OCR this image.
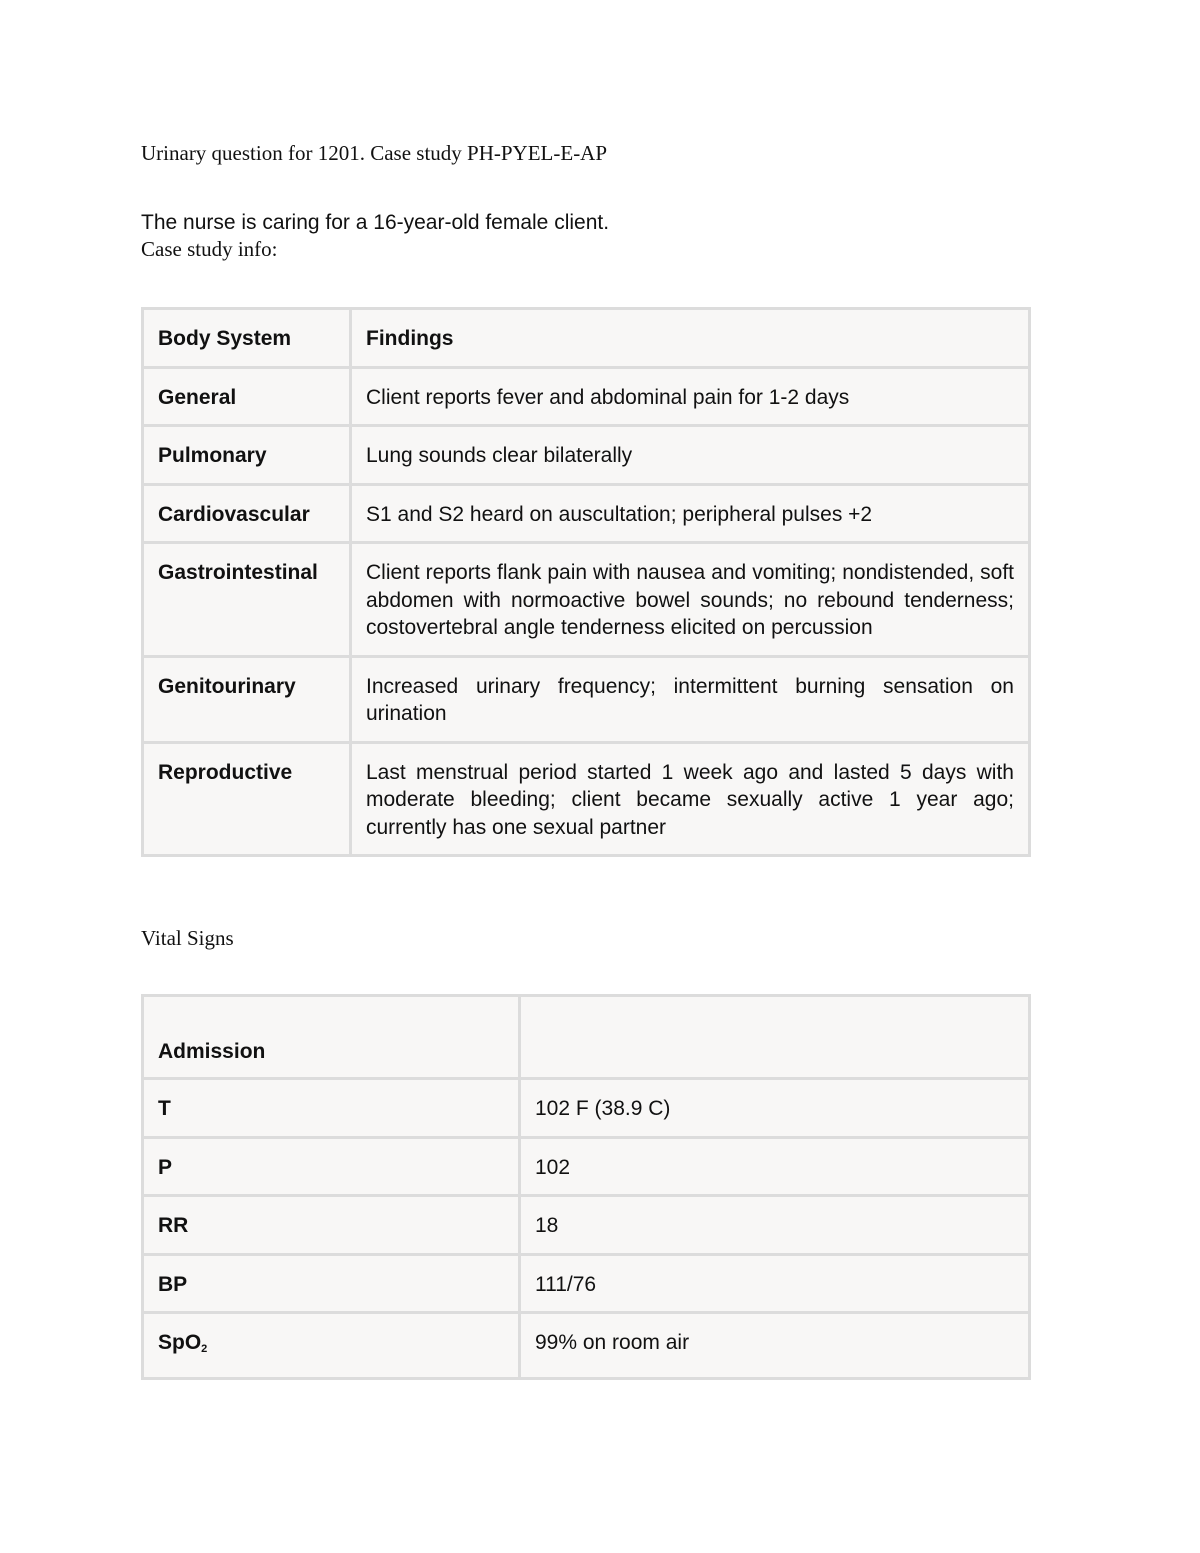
Urinary question for 1201. Case study PH-PYEL-E-AP

The nurse is caring for a 16-year-old female client.

Case study info:

Body System	Findings
General	Client reports fever and abdominal pain for 1-2 days
Pulmonary	Lung sounds clear bilaterally
Cardiovascular	S1 and S2 heard on auscultation; peripheral pulses +2
Gastrointestinal	Client reports flank pain with nausea and vomiting; nondistended, soft abdomen with normoactive bowel sounds; no rebound tenderness; costovertebral angle tenderness elicited on percussion
Genitourinary	Increased urinary frequency; intermittent burning sensation on urination
Reproductive	Last menstrual period started 1 week ago and lasted 5 days with moderate bleeding; client became sexually active 1 year ago; currently has one sexual partner

Vital Signs

Admission	
T	102 F (38.9 C)
P	102
RR	18
BP	111/76
SpO$_2$	99% on room air
